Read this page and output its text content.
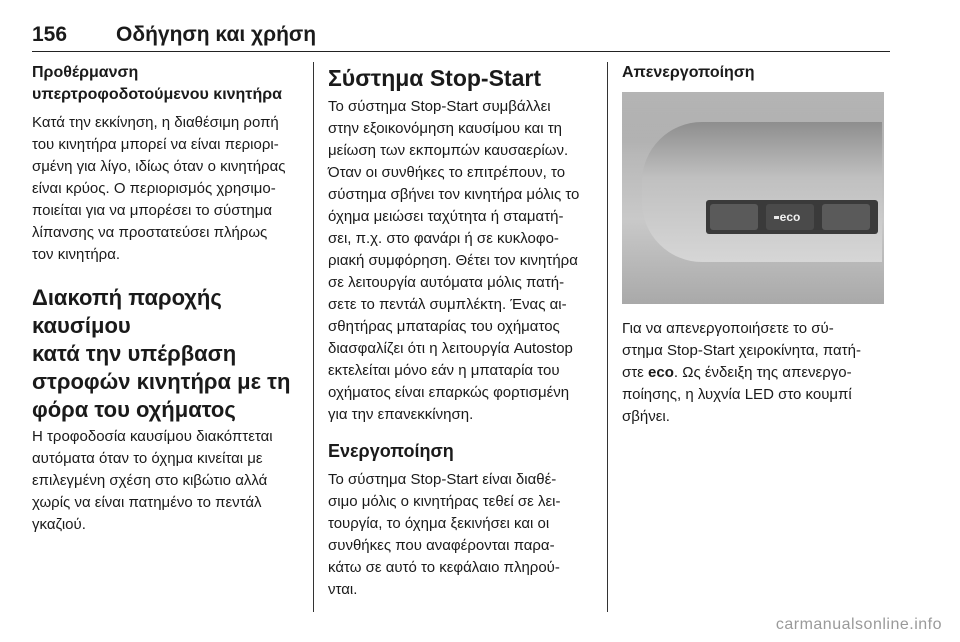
156 Οδήγηση και χρήση
Προθέρμανση
υπερτροφοδοτούμενου κινητήρα
Κατά την εκκίνηση, η διαθέσιμη ροπή
του κινητήρα μπορεί να είναι περιορι-
σμένη για λίγο, ιδίως όταν ο κινητήρας
είναι κρύος. Ο περιορισμός χρησιμο-
ποιείται για να μπορέσει το σύστημα
λίπανσης να προστατεύσει πλήρως
τον κινητήρα.
Διακοπή παροχής καυσίμου
κατά την υπέρβαση
στροφών κινητήρα με τη
φόρα του οχήματος
Η τροφοδοσία καυσίμου διακόπτεται
αυτόματα όταν το όχημα κινείται με
επιλεγμένη σχέση στο κιβώτιο αλλά
χωρίς να είναι πατημένο το πεντάλ
γκαζιού.
Σύστημα Stop-Start
Το σύστημα Stop-Start συμβάλλει
στην εξοικονόμηση καυσίμου και τη
μείωση των εκπομπών καυσαερίων.
Όταν οι συνθήκες το επιτρέπουν, το
σύστημα σβήνει τον κινητήρα μόλις το
όχημα μειώσει ταχύτητα ή σταματή-
σει, π.χ. στο φανάρι ή σε κυκλοφο-
ριακή συμφόρηση. Θέτει τον κινητήρα
σε λειτουργία αυτόματα μόλις πατή-
σετε το πεντάλ συμπλέκτη. Ένας αι-
σθητήρας μπαταρίας του οχήματος
διασφαλίζει ότι η λειτουργία Autostop
εκτελείται μόνο εάν η μπαταρία του
οχήματος είναι επαρκώς φορτισμένη
για την επανεκκίνηση.
Ενεργοποίηση
Το σύστημα Stop-Start είναι διαθέ-
σιμο μόλις ο κινητήρας τεθεί σε λει-
τουργία, το όχημα ξεκινήσει και οι
συνθήκες που αναφέρονται παρα-
κάτω σε αυτό το κεφάλαιο πληρού-
νται.
Απενεργοποίηση
eco
Για να απενεργοποιήσετε το σύ-
στημα Stop-Start χειροκίνητα, πατή-
στε eco. Ως ένδειξη της απενεργο-
ποίησης, η λυχνία LED στο κουμπί
σβήνει.
carmanualsonline.info
